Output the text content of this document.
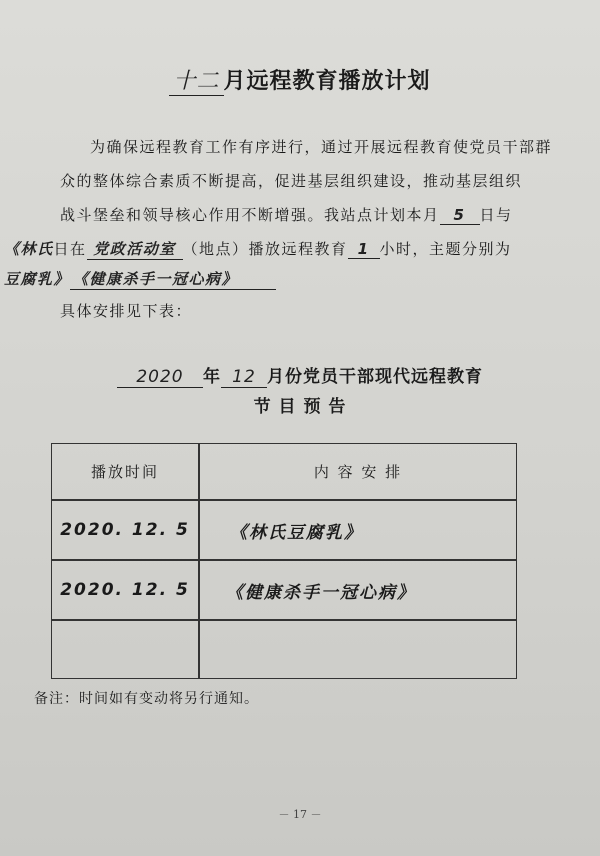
十二 月远程教育播放计划
为确保远程教育工作有序进行，通过开展远程教育使党员干部群众的整体综合素质不断提高，促进基层组织建设，推动基层组织
战斗堡垒和领导核心作用不断增强。我站点计划本月 5 日与
《林氏日在 党政活动室 （地点）播放远程教育 1 小时，主题分别为
豆腐乳》 《健康杀手一冠心病》
具体安排见下表：
2020 年 12 月份党员干部现代远程教育
节 目 预 告
播放时间	内 容 安 排
2020. 12. 5	《林氏豆腐乳》
2020. 12. 5	《健康杀手一冠心病》
备注：时间如有变动将另行通知。
－ 17 －
